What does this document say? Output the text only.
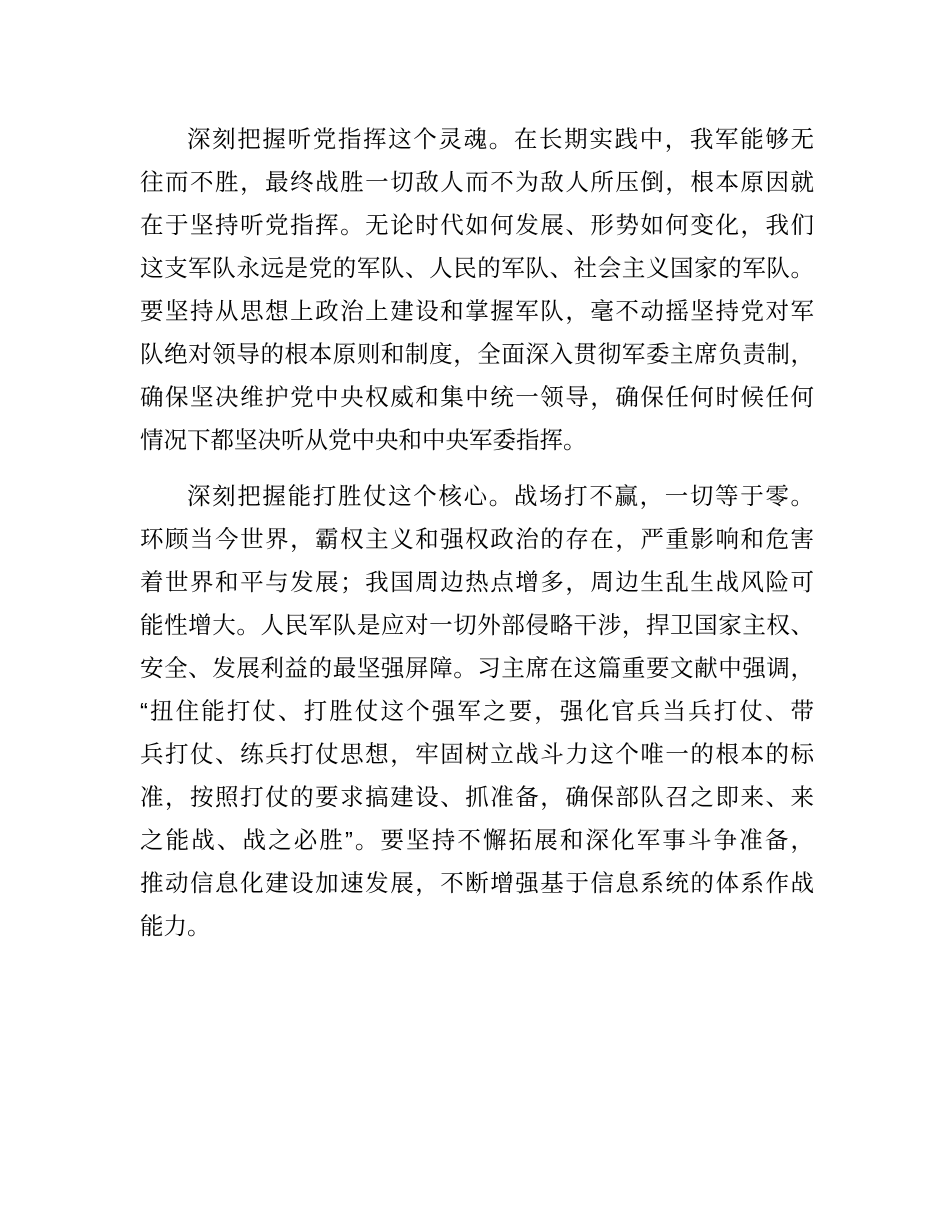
深刻把握听党指挥这个灵魂。在长期实践中，我军能够无
往而不胜，最终战胜一切敌人而不为敌人所压倒，根本原因就
在于坚持听党指挥。无论时代如何发展、形势如何变化，我们
这支军队永远是党的军队、人民的军队、社会主义国家的军队。
要坚持从思想上政治上建设和掌握军队，毫不动摇坚持党对军
队绝对领导的根本原则和制度，全面深入贯彻军委主席负责制，
确保坚决维护党中央权威和集中统一领导，确保任何时候任何
情况下都坚决听从党中央和中央军委指挥。
深刻把握能打胜仗这个核心。战场打不赢，一切等于零。
环顾当今世界，霸权主义和强权政治的存在，严重影响和危害
着世界和平与发展；我国周边热点增多，周边生乱生战风险可
能性增大。人民军队是应对一切外部侵略干涉，捍卫国家主权、
安全、发展利益的最坚强屏障。习主席在这篇重要文献中强调，
“扭住能打仗、打胜仗这个强军之要，强化官兵当兵打仗、带
兵打仗、练兵打仗思想，牢固树立战斗力这个唯一的根本的标
准，按照打仗的要求搞建设、抓准备，确保部队召之即来、来
之能战、战之必胜”。要坚持不懈拓展和深化军事斗争准备，
推动信息化建设加速发展，不断增强基于信息系统的体系作战
能力。
